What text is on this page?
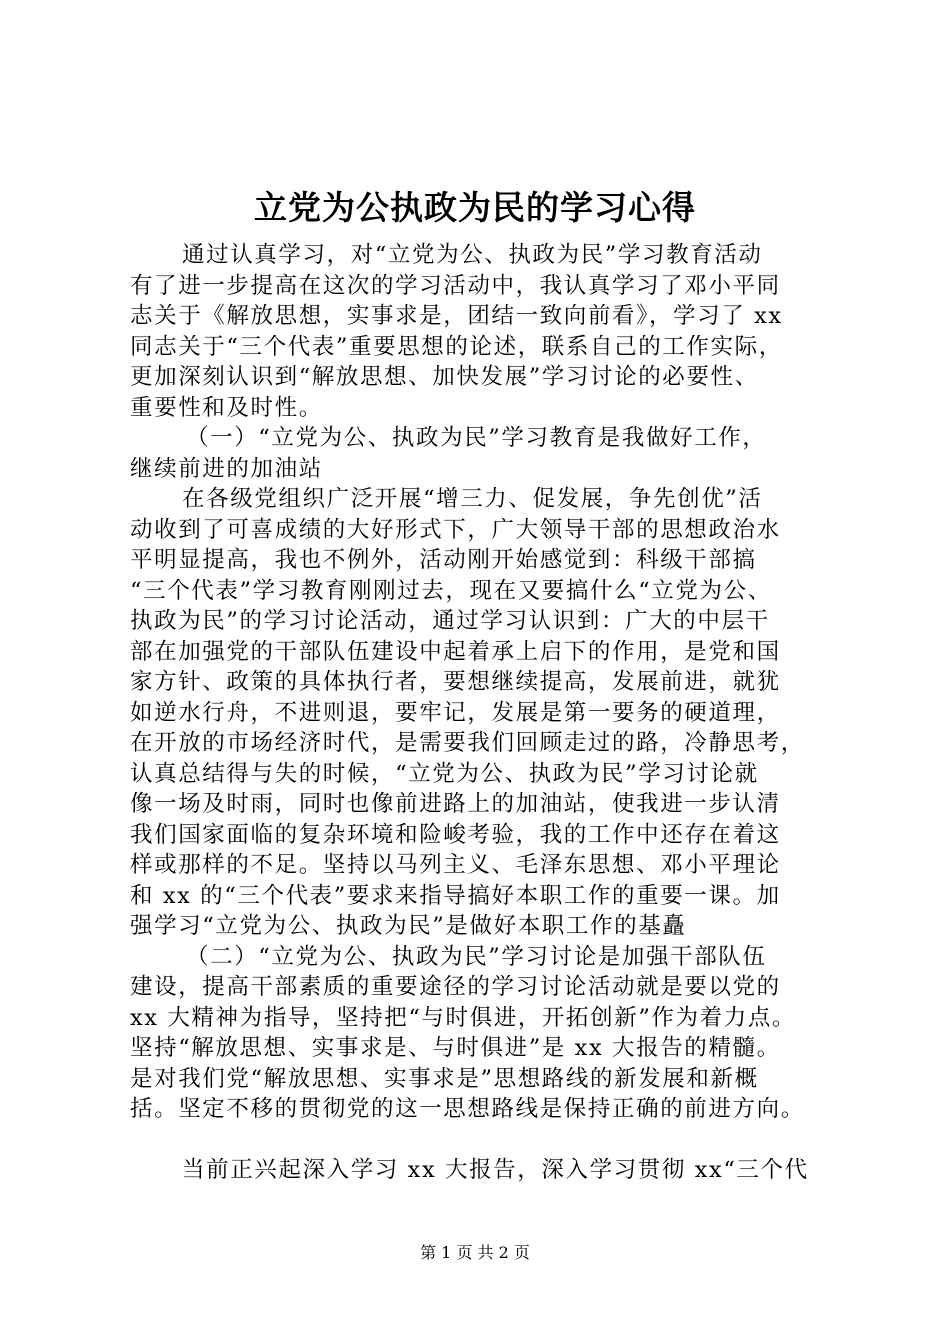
立党为公执政为民的学习心得
通过认真学习，对“立党为公、执政为民”学习教育活动
有了进一步提高在这次的学习活动中，我认真学习了邓小平同
志关于《解放思想，实事求是，团结一致向前看》，学习了 xx
同志关于“三个代表”重要思想的论述，联系自己的工作实际，
更加深刻认识到“解放思想、加快发展”学习讨论的必要性、
重要性和及时性。
（一）“立党为公、执政为民”学习教育是我做好工作，
继续前进的加油站
在各级党组织广泛开展“增三力、促发展，争先创优”活
动收到了可喜成绩的大好形式下，广大领导干部的思想政治水
平明显提高，我也不例外，活动刚开始感觉到：科级干部搞
“三个代表”学习教育刚刚过去，现在又要搞什么“立党为公、
执政为民”的学习讨论活动，通过学习认识到：广大的中层干
部在加强党的干部队伍建设中起着承上启下的作用，是党和国
家方针、政策的具体执行者，要想继续提高，发展前进，就犹
如逆水行舟，不进则退，要牢记，发展是第一要务的硬道理，
在开放的市场经济时代，是需要我们回顾走过的路，冷静思考，
认真总结得与失的时候，“立党为公、执政为民”学习讨论就
像一场及时雨，同时也像前进路上的加油站，使我进一步认清
我们国家面临的复杂环境和险峻考验，我的工作中还存在着这
样或那样的不足。坚持以马列主义、毛泽东思想、邓小平理论
和 xx 的“三个代表”要求来指导搞好本职工作的重要一课。加
强学习“立党为公、执政为民”是做好本职工作的基矗
（二）“立党为公、执政为民”学习讨论是加强干部队伍
建设，提高干部素质的重要途径的学习讨论活动就是要以党的
xx 大精神为指导，坚持把“与时俱进，开拓创新”作为着力点。
坚持“解放思想、实事求是、与时俱进”是 xx 大报告的精髓。
是对我们党“解放思想、实事求是”思想路线的新发展和新概
括。坚定不移的贯彻党的这一思想路线是保持正确的前进方向。
当前正兴起深入学习 xx 大报告，深入学习贯彻 xx“三个代
第 1 页 共 2 页
